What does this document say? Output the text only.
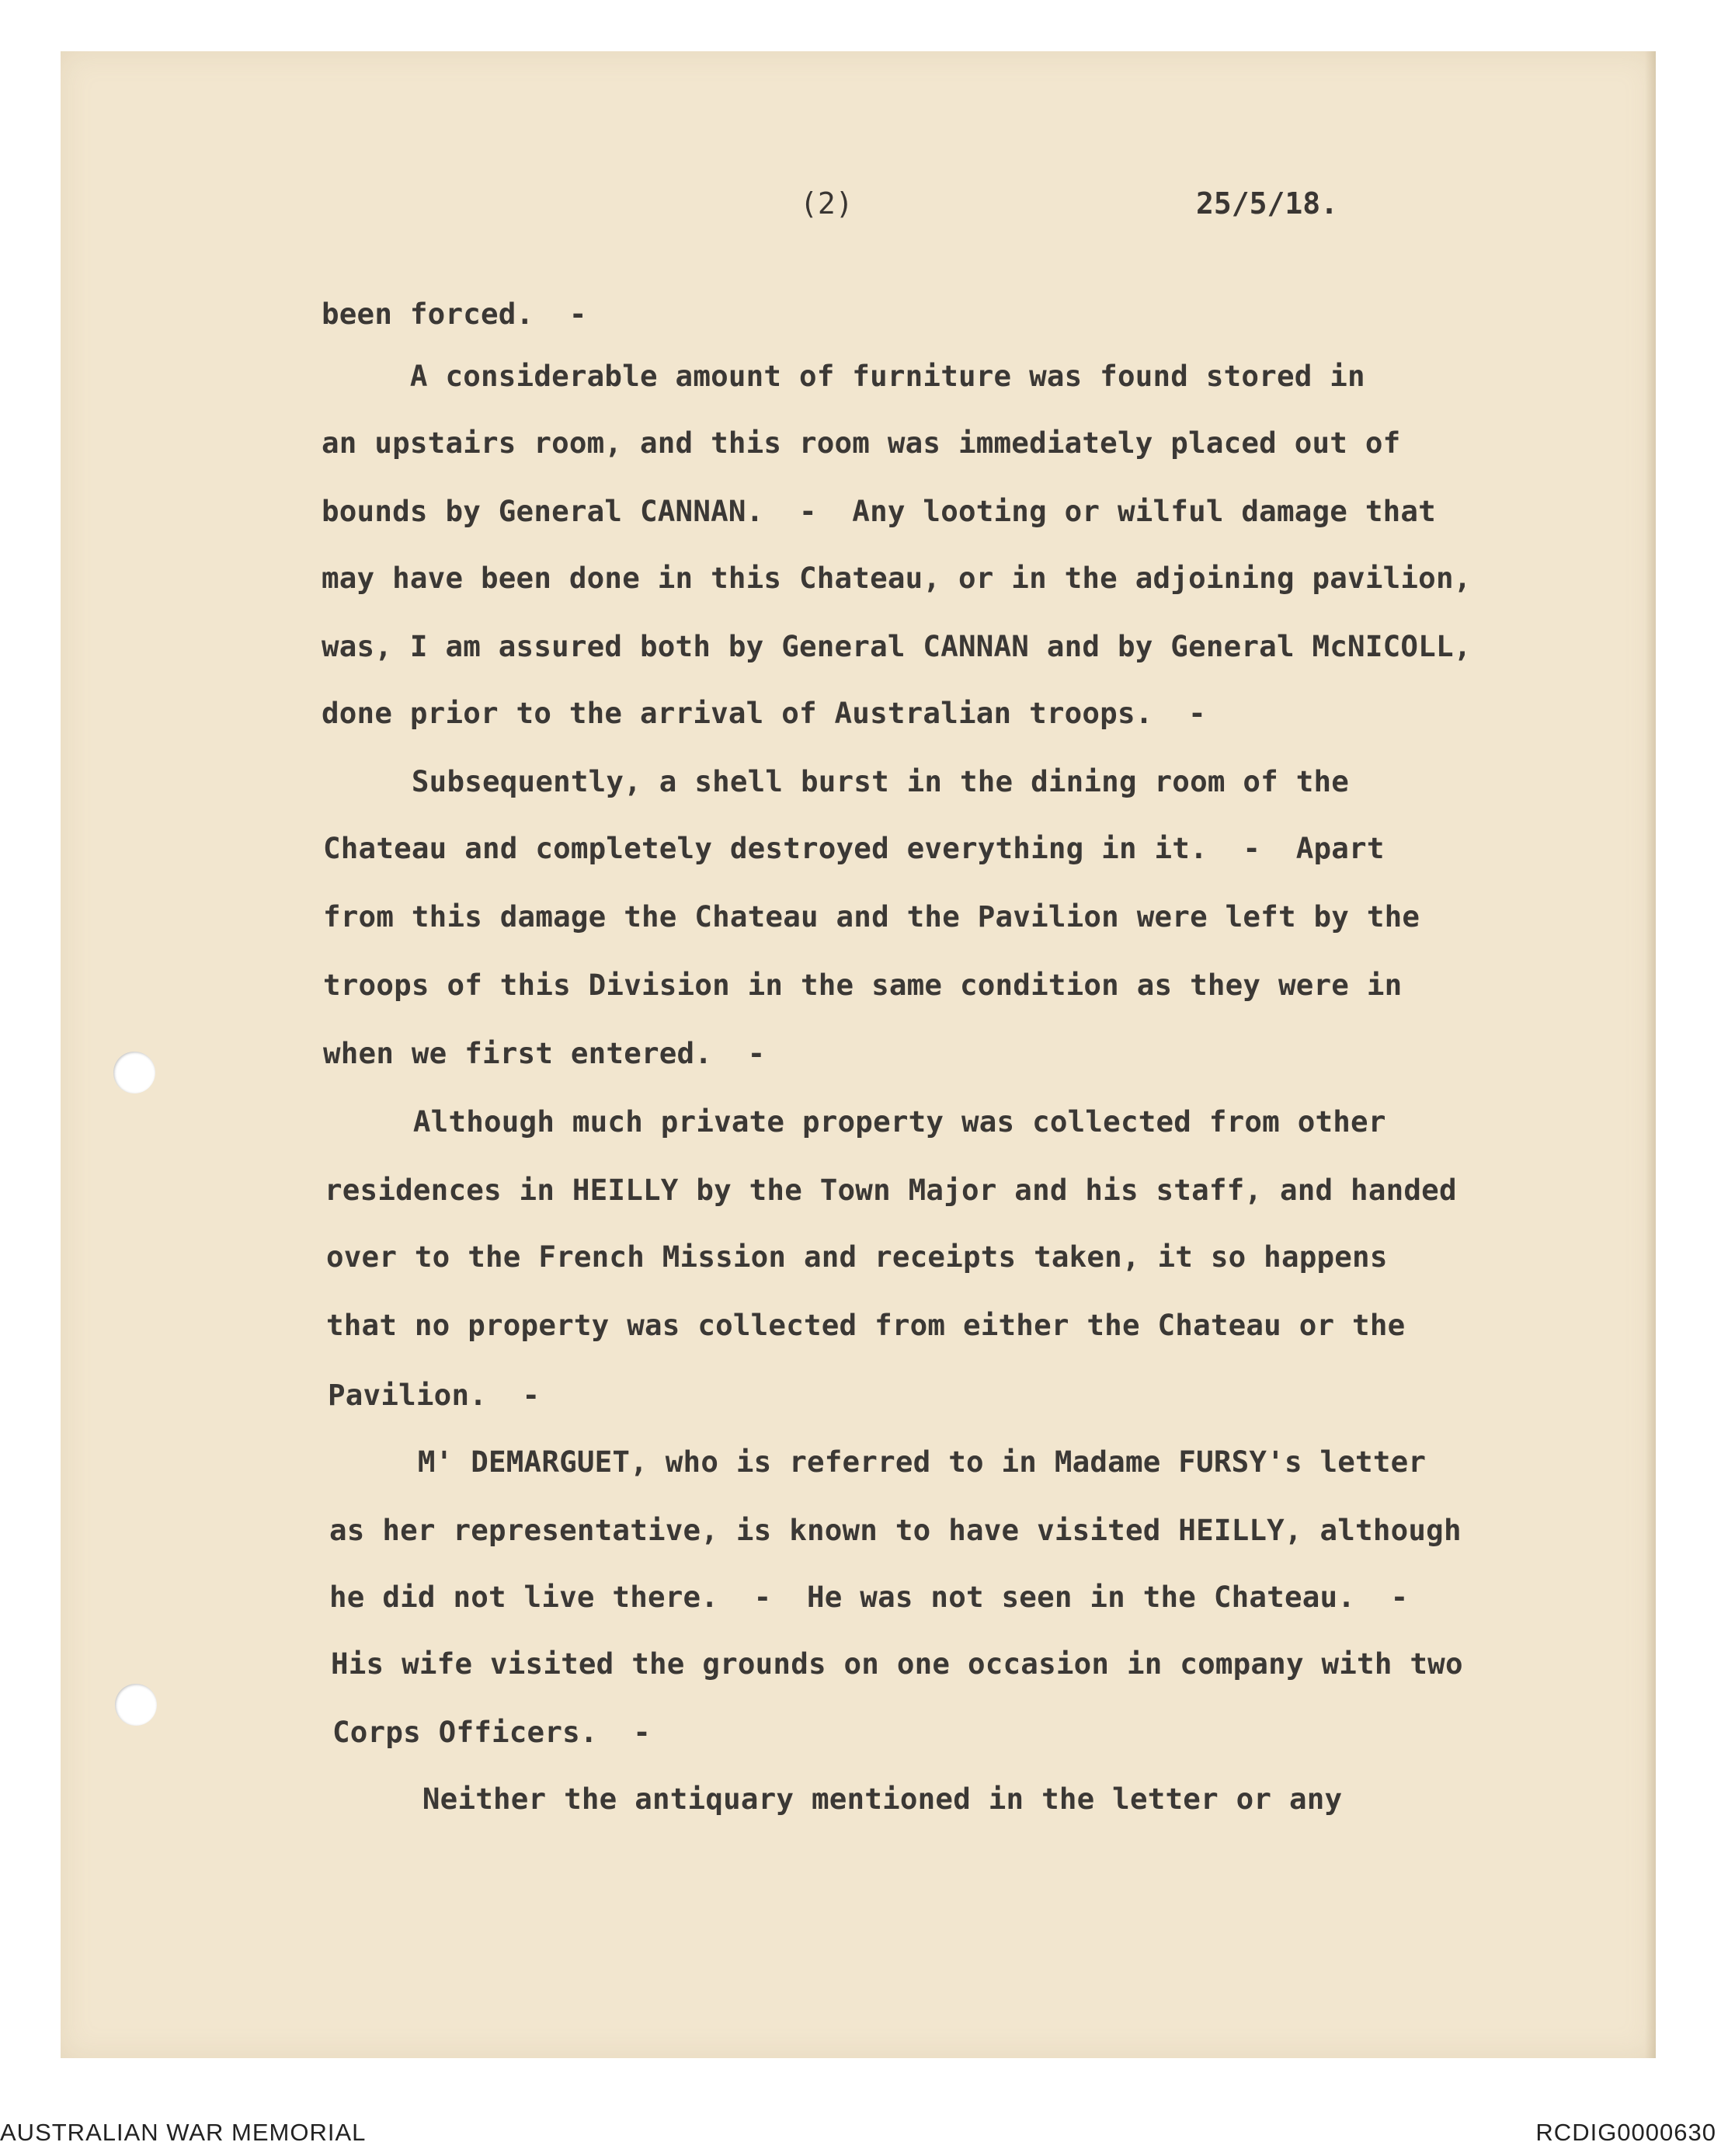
(2)	25/5/18.

been forced.  -

A considerable amount of furniture was found stored in

an upstairs room, and this room was immediately placed out of

bounds by General CANNAN.  -  Any looting or wilful damage that

may have been done in this Chateau, or in the adjoining pavilion,

was, I am assured both by General CANNAN and by General McNICOLL,

done prior to the arrival of Australian troops.  -

Subsequently, a shell burst in the dining room of the

Chateau and completely destroyed everything in it.  -  Apart

from this damage the Chateau and the Pavilion were left by the

troops of this Division in the same condition as they were in

when we first entered.  -

Although much private property was collected from other

residences in HEILLY by the Town Major and his staff, and handed

over to the French Mission and receipts taken, it so happens

that no property was collected from either the Chateau or the

Pavilion.  -

M' DEMARGUET, who is referred to in Madame FURSY's letter

as her representative, is known to have visited HEILLY, although

he did not live there.  -  He was not seen in the Chateau.  -

His wife visited the grounds on one occasion in company with two

Corps Officers.  -

Neither the antiquary mentioned in the letter or any

AUSTRALIAN WAR MEMORIAL	RCDIG0000630
